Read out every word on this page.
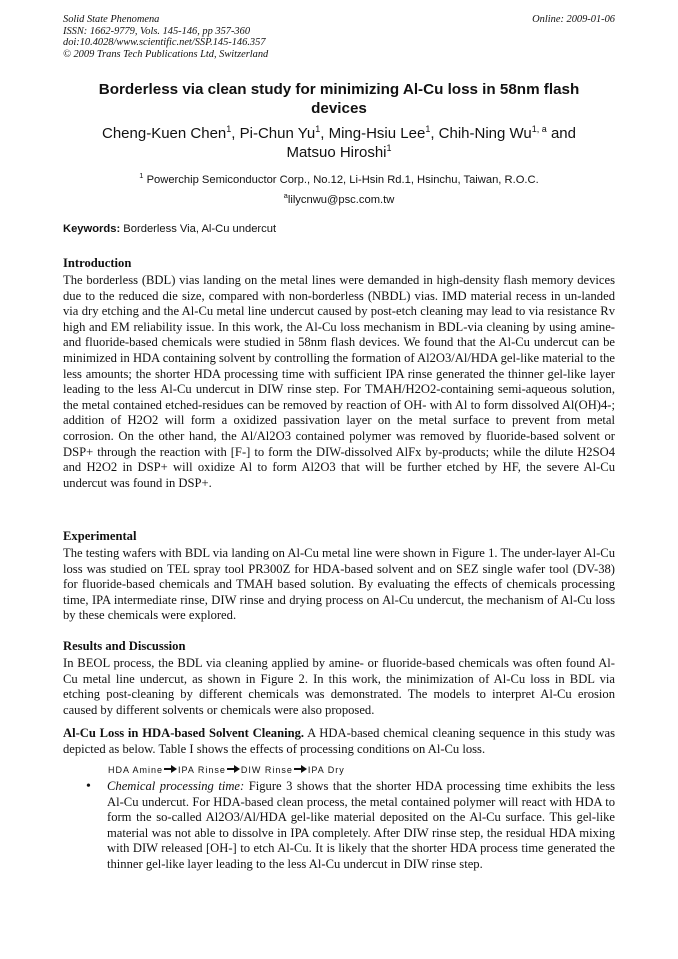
Solid State Phenomena
ISSN: 1662-9779, Vols. 145-146, pp 357-360
doi:10.4028/www.scientific.net/SSP.145-146.357
© 2009 Trans Tech Publications Ltd, Switzerland
Online: 2009-01-06
Borderless via clean study for minimizing Al-Cu loss in 58nm flash
devices
Cheng-Kuen Chen$^1$, Pi-Chun Yu$^1$, Ming-Hsiu Lee$^1$, Chih-Ning Wu$^{1, a}$ and
Matsuo Hiroshi$^1$
$^1$ Powerchip Semiconductor Corp., No.12, Li-Hsin Rd.1, Hsinchu, Taiwan, R.O.C.
$^a$lilycnwu@psc.com.tw
Keywords: Borderless Via, Al-Cu undercut
Introduction
The borderless (BDL) vias landing on the metal lines were demanded in high-density flash memory devices due to the reduced die size, compared with non-borderless (NBDL) vias. IMD material recess in un-landed via dry etching and the Al-Cu metal line undercut caused by post-etch cleaning may lead to via resistance Rv high and EM reliability issue. In this work, the Al-Cu loss mechanism in BDL-via cleaning by using amine- and fluoride-based chemicals were studied in 58nm flash devices. We found that the Al-Cu undercut can be minimized in HDA containing solvent by controlling the formation of Al2O3/Al/HDA gel-like material to the less amounts; the shorter HDA processing time with sufficient IPA rinse generated the thinner gel-like layer leading to the less Al-Cu undercut in DIW rinse step. For TMAH/H2O2-containing semi-aqueous solution, the metal contained etched-residues can be removed by reaction of OH- with Al to form dissolved Al(OH)4-; addition of H2O2 will form a oxidized passivation layer on the metal surface to prevent from metal corrosion. On the other hand, the Al/Al2O3 contained polymer was removed by fluoride-based solvent or DSP+ through the reaction with [F-] to form the DIW-dissolved AlFx by-products; while the dilute H2SO4 and H2O2 in DSP+ will oxidize Al to form Al2O3 that will be further etched by HF, the severe Al-Cu undercut was found in DSP+.
Experimental
The testing wafers with BDL via landing on Al-Cu metal line were shown in Figure 1. The under-layer Al-Cu loss was studied on TEL spray tool PR300Z for HDA-based solvent and on SEZ single wafer tool (DV-38) for fluoride-based chemicals and TMAH based solution. By evaluating the effects of chemicals processing time, IPA intermediate rinse, DIW rinse and drying process on Al-Cu undercut, the mechanism of Al-Cu loss by these chemicals were explored.
Results and Discussion
In BEOL process, the BDL via cleaning applied by amine- or fluoride-based chemicals was often found Al-Cu metal line undercut, as shown in Figure 2. In this work, the minimization of Al-Cu loss in BDL via etching post-cleaning by different chemicals was demonstrated. The models to interpret Al-Cu erosion caused by different solvents or chemicals were also proposed.
Al-Cu Loss in HDA-based Solvent Cleaning. A HDA-based chemical cleaning sequence in this study was depicted as below. Table I shows the effects of processing conditions on Al-Cu loss.
HDA Amine IPA Rinse DIW Rinse IPA Dry
• Chemical processing time: Figure 3 shows that the shorter HDA processing time exhibits the less Al-Cu undercut. For HDA-based clean process, the metal contained polymer will react with HDA to form the so-called Al2O3/Al/HDA gel-like material deposited on the Al-Cu surface. This gel-like material was not able to dissolve in IPA completely. After DIW rinse step, the residual HDA mixing with DIW released [OH-] to etch Al-Cu. It is likely that the shorter HDA process time generated the thinner gel-like layer leading to the less Al-Cu undercut in DIW rinse step.
